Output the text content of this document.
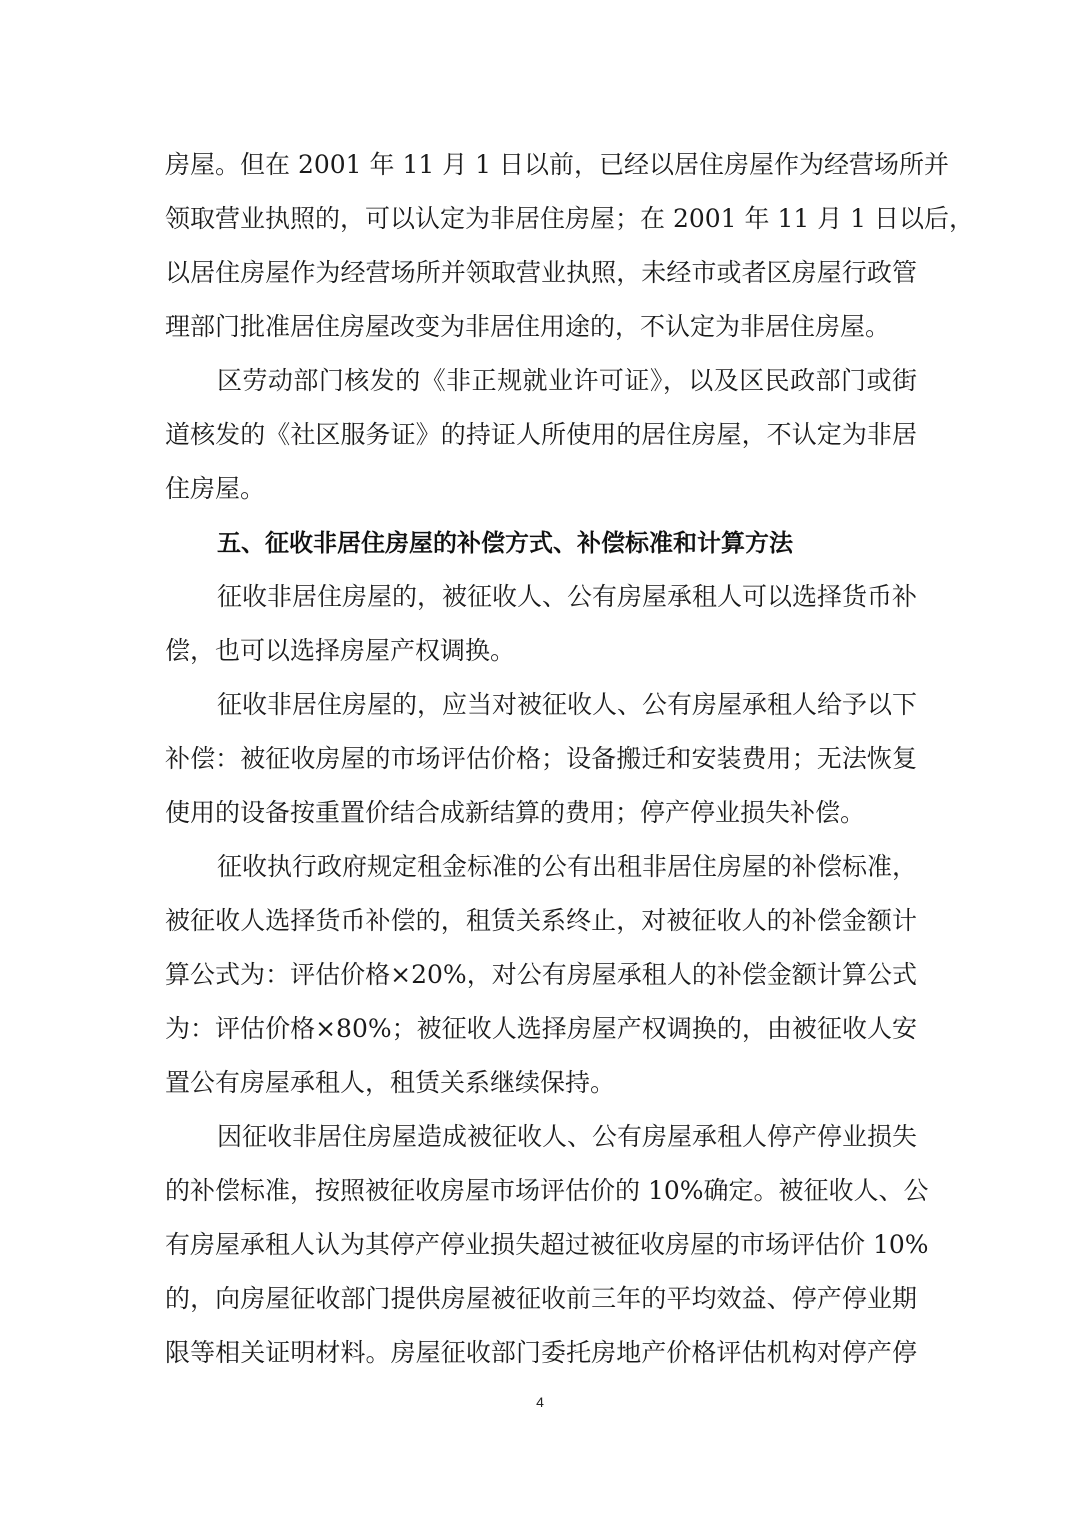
房屋。但在 2001 年 11 月 1 日以前，已经以居住房屋作为经营场所并
领取营业执照的，可以认定为非居住房屋；在 2001 年 11 月 1 日以后，
以居住房屋作为经营场所并领取营业执照，未经市或者区房屋行政管
理部门批准居住房屋改变为非居住用途的，不认定为非居住房屋。
区劳动部门核发的《非正规就业许可证》，以及区民政部门或街
道核发的《社区服务证》的持证人所使用的居住房屋，不认定为非居
住房屋。
五、征收非居住房屋的补偿方式、补偿标准和计算方法
征收非居住房屋的，被征收人、公有房屋承租人可以选择货币补
偿，也可以选择房屋产权调换。
征收非居住房屋的，应当对被征收人、公有房屋承租人给予以下
补偿：被征收房屋的市场评估价格；设备搬迁和安装费用；无法恢复
使用的设备按重置价结合成新结算的费用；停产停业损失补偿。
征收执行政府规定租金标准的公有出租非居住房屋的补偿标准，
被征收人选择货币补偿的，租赁关系终止，对被征收人的补偿金额计
算公式为：评估价格×20%，对公有房屋承租人的补偿金额计算公式
为：评估价格×80%；被征收人选择房屋产权调换的，由被征收人安
置公有房屋承租人，租赁关系继续保持。
因征收非居住房屋造成被征收人、公有房屋承租人停产停业损失
的补偿标准，按照被征收房屋市场评估价的 10%确定。被征收人、公
有房屋承租人认为其停产停业损失超过被征收房屋的市场评估价 10%
的，向房屋征收部门提供房屋被征收前三年的平均效益、停产停业期
限等相关证明材料。房屋征收部门委托房地产价格评估机构对停产停
4
